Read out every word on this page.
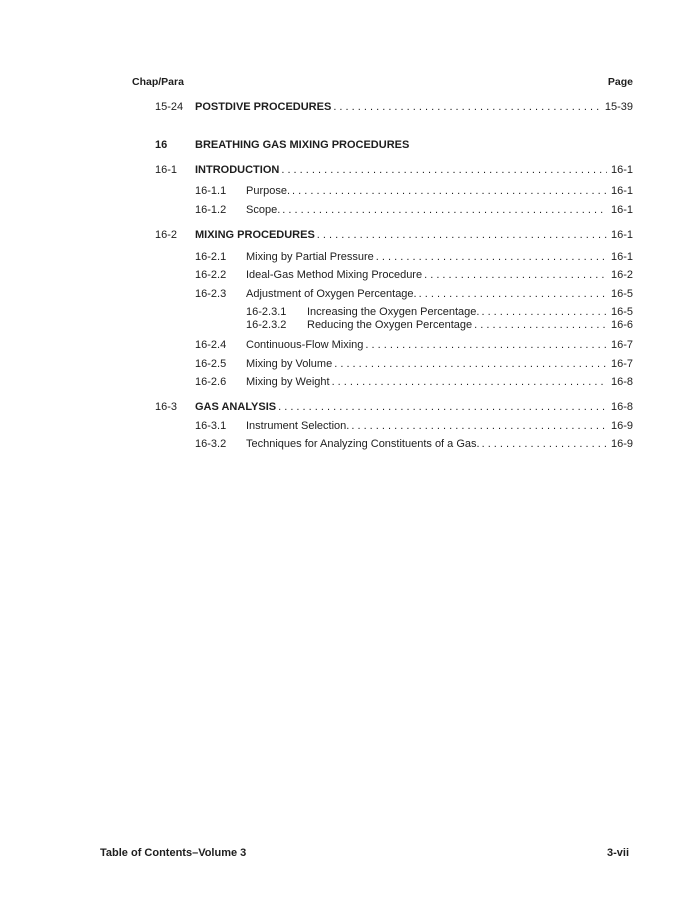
Chap/Para	Page
15-24	POSTDIVE PROCEDURES . . .	15-39
16	BREATHING GAS MIXING PROCEDURES
16-1	INTRODUCTION . . .	16-1
16-1.1	Purpose. . . .	16-1
16-1.2	Scope. . . .	16-1
16-2	MIXING PROCEDURES . . .	16-1
16-2.1	Mixing by Partial Pressure . . .	16-1
16-2.2	Ideal-Gas Method Mixing Procedure . . .	16-2
16-2.3	Adjustment of Oxygen Percentage. . . .	16-5
16-2.3.1	Increasing the Oxygen Percentage. . . .	16-5
16-2.3.2	Reducing the Oxygen Percentage . . .	16-6
16-2.4	Continuous-Flow Mixing . . .	16-7
16-2.5	Mixing by Volume . . .	16-7
16-2.6	Mixing by Weight . . .	16-8
16-3	GAS ANALYSIS . . .	16-8
16-3.1	Instrument Selection. . . .	16-9
16-3.2	Techniques for Analyzing Constituents of a Gas. . . .	16-9
Table of Contents–Volume 3	3-vii
